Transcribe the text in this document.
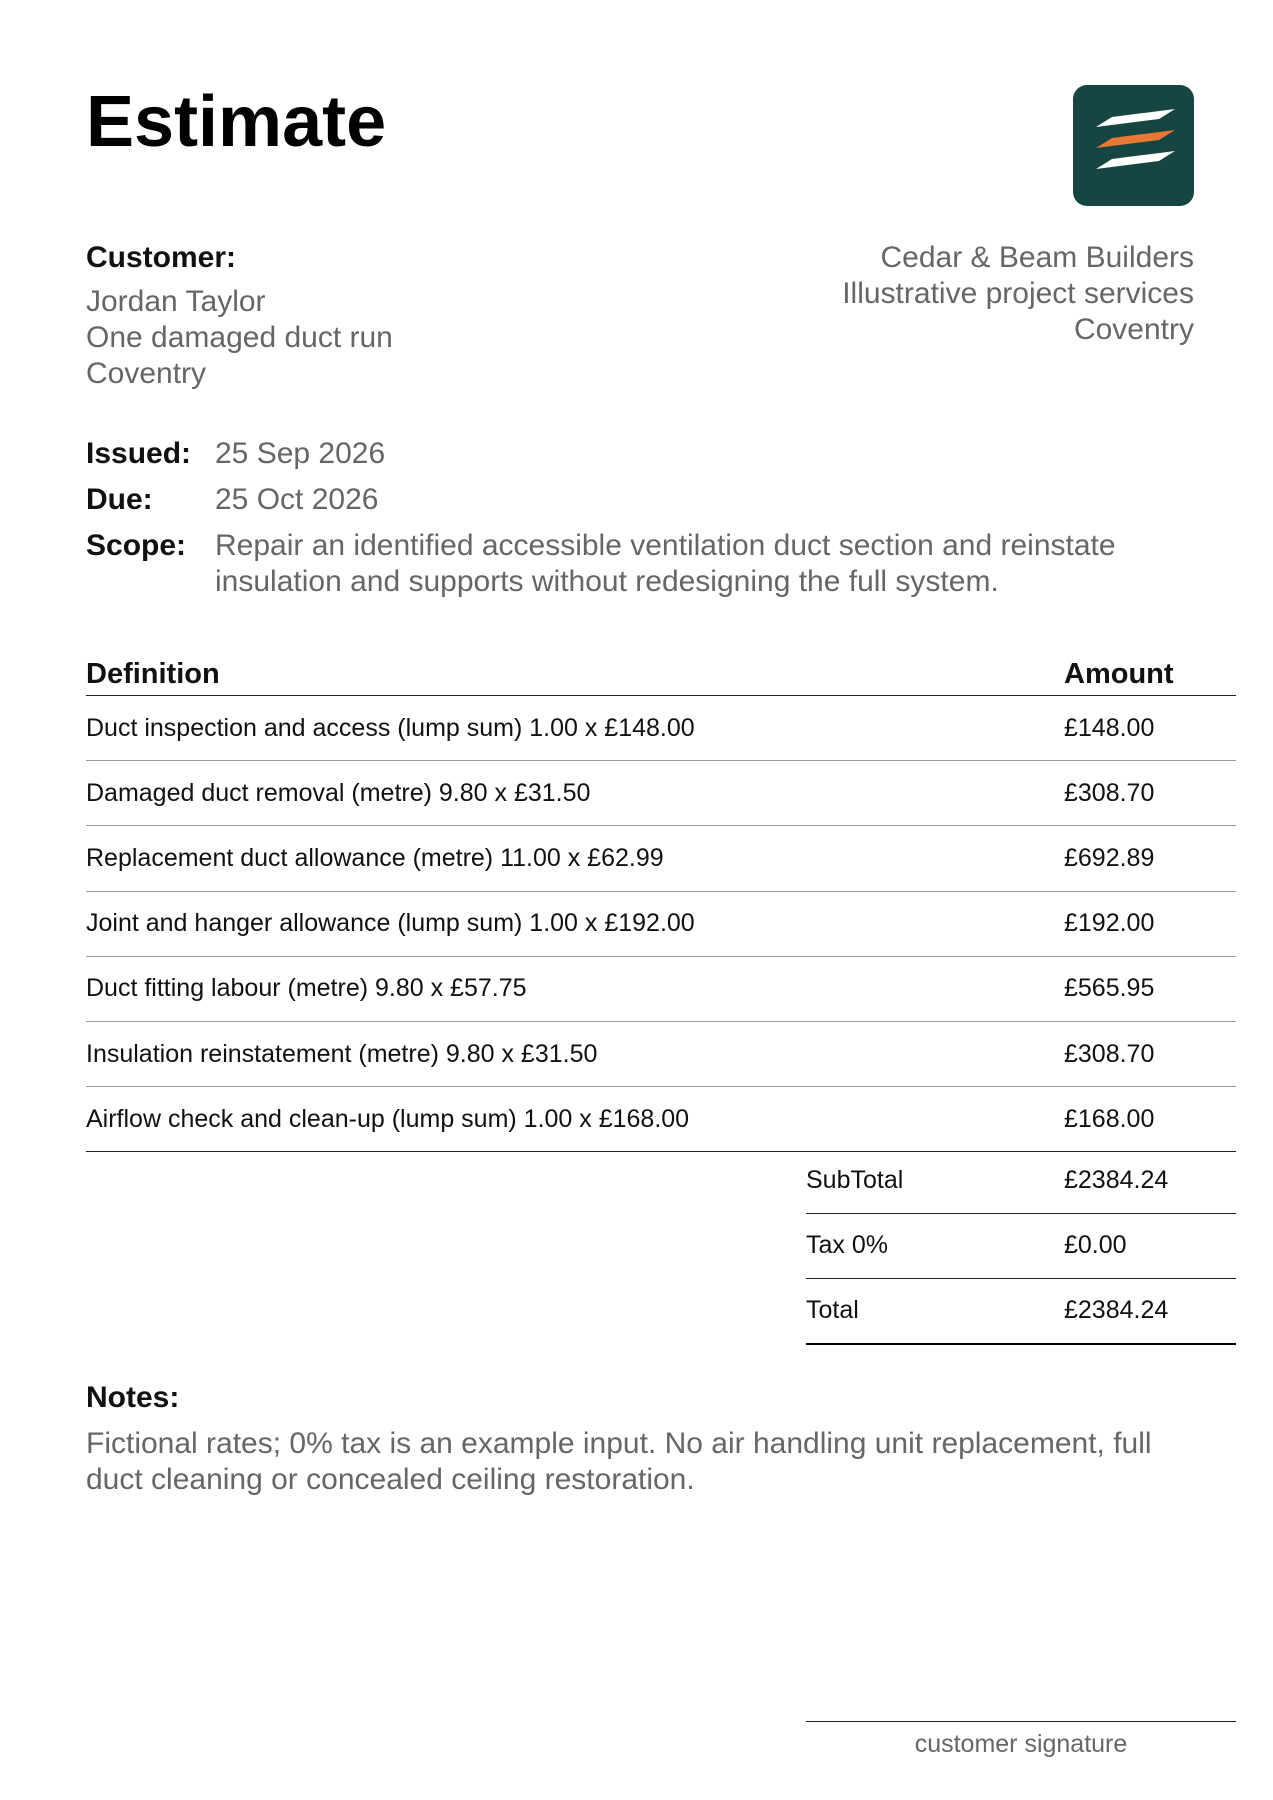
Estimate
Customer:
Jordan Taylor
One damaged duct run
Coventry
Cedar & Beam Builders
Illustrative project services
Coventry
Issued: 25 Sep 2026
Due:	25 Oct 2026
Scope: Repair an identified accessible ventilation duct section and reinstate insulation and supports without redesigning the full system.
Definition	Amount
Duct inspection and access (lump sum) 1.00 x £148.00	£148.00
Damaged duct removal (metre) 9.80 x £31.50	£308.70
Replacement duct allowance (metre) 11.00 x £62.99	£692.89
Joint and hanger allowance (lump sum) 1.00 x £192.00	£192.00
Duct fitting labour (metre) 9.80 x £57.75	£565.95
Insulation reinstatement (metre) 9.80 x £31.50	£308.70
Airflow check and clean-up (lump sum) 1.00 x £168.00	£168.00
SubTotal	£2384.24
Tax 0%	£0.00
Total	£2384.24
Notes:
Fictional rates; 0% tax is an example input. No air handling unit replacement, full duct cleaning or concealed ceiling restoration.
customer signature
